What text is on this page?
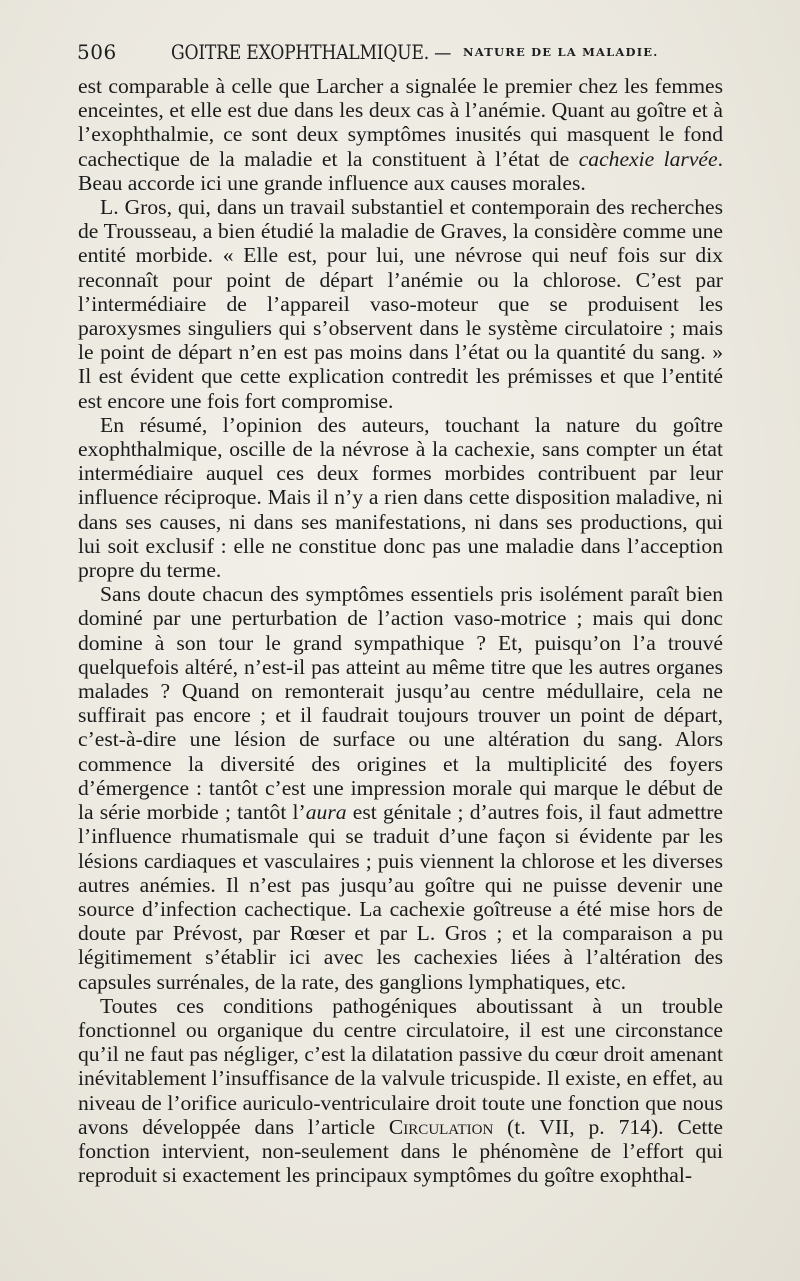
506	GOITRE EXOPHTHALMIQUE. — NATURE DE LA MALADIE.

est comparable à celle que Larcher a signalée le premier chez les femmes enceintes, et elle est due dans les deux cas à l’anémie. Quant au goître et à l’exophthalmie, ce sont deux symptômes inusités qui masquent le fond cachectique de la maladie et la constituent à l’état de cachexie larvée. Beau accorde ici une grande influence aux causes morales.

L. Gros, qui, dans un travail substantiel et contemporain des recherches de Trousseau, a bien étudié la maladie de Graves, la considère comme une entité morbide. « Elle est, pour lui, une névrose qui neuf fois sur dix reconnaît pour point de départ l’anémie ou la chlorose. C’est par l’intermédiaire de l’appareil vaso-moteur que se produisent les paroxysmes singuliers qui s’observent dans le système circulatoire ; mais le point de départ n’en est pas moins dans l’état ou la quantité du sang. » Il est évident que cette explication contredit les prémisses et que l’entité est encore une fois fort compromise.

En résumé, l’opinion des auteurs, touchant la nature du goître exophthalmique, oscille de la névrose à la cachexie, sans compter un état intermédiaire auquel ces deux formes morbides contribuent par leur influence réciproque. Mais il n’y a rien dans cette disposition maladive, ni dans ses causes, ni dans ses manifestations, ni dans ses productions, qui lui soit exclusif : elle ne constitue donc pas une maladie dans l’acception propre du terme.

Sans doute chacun des symptômes essentiels pris isolément paraît bien dominé par une perturbation de l’action vaso-motrice ; mais qui donc domine à son tour le grand sympathique ? Et, puisqu’on l’a trouvé quelquefois altéré, n’est-il pas atteint au même titre que les autres organes malades ? Quand on remonterait jusqu’au centre médullaire, cela ne suffirait pas encore ; et il faudrait toujours trouver un point de départ, c’est-à-dire une lésion de surface ou une altération du sang. Alors commence la diversité des origines et la multiplicité des foyers d’émergence : tantôt c’est une impression morale qui marque le début de la série morbide ; tantôt l’aura est génitale ; d’autres fois, il faut admettre l’influence rhumatismale qui se traduit d’une façon si évidente par les lésions cardiaques et vasculaires ; puis viennent la chlorose et les diverses autres anémies. Il n’est pas jusqu’au goître qui ne puisse devenir une source d’infection cachectique. La cachexie goîtreuse a été mise hors de doute par Prévost, par Rœser et par L. Gros ; et la comparaison a pu légitimement s’établir ici avec les cachexies liées à l’altération des capsules surrénales, de la rate, des ganglions lymphatiques, etc.

Toutes ces conditions pathogéniques aboutissant à un trouble fonctionnel ou organique du centre circulatoire, il est une circonstance qu’il ne faut pas négliger, c’est la dilatation passive du cœur droit amenant inévitablement l’insuffisance de la valvule tricuspide. Il existe, en effet, au niveau de l’orifice auriculo-ventriculaire droit toute une fonction que nous avons développée dans l’article Circulation (t. VII, p. 714). Cette fonction intervient, non-seulement dans le phénomène de l’effort qui reproduit si exactement les principaux symptômes du goître exophthal-
